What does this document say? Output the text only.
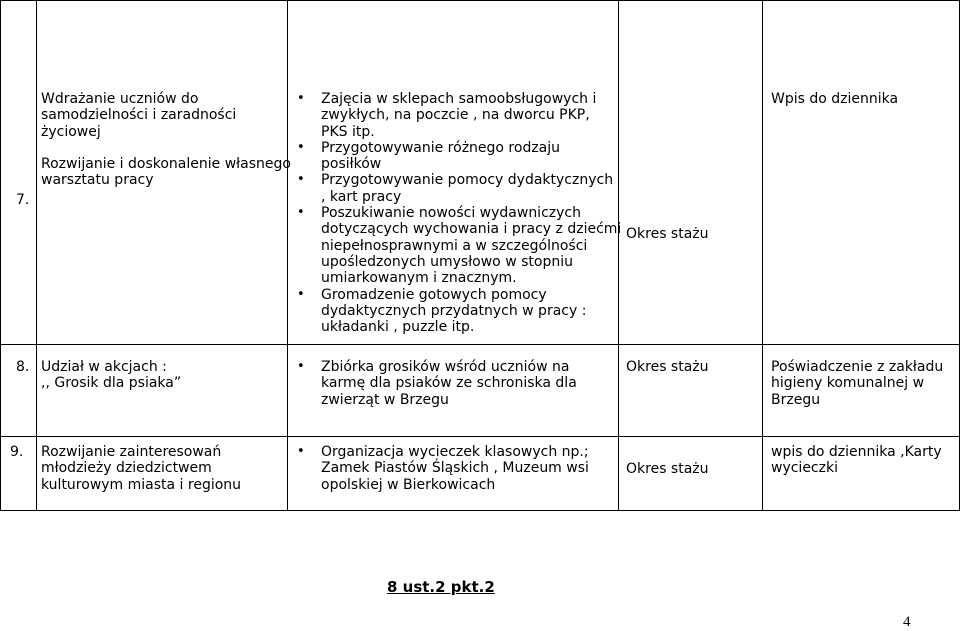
7.
Wdrażanie uczniów do
samodzielności i zaradności
życiowej
Rozwijanie i doskonalenie własnego
warsztatu pracy
• Zajęcia w sklepach samoobsługowych i
zwykłych, na poczcie , na dworcu PKP,
PKS itp.
• Przygotowywanie różnego rodzaju
posiłków
• Przygotowywanie pomocy dydaktycznych
, kart pracy
• Poszukiwanie nowości wydawniczych
dotyczących wychowania i pracy z dziećmi
niepełnosprawnymi a w szczególności
upośledzonych umysłowo w stopniu
umiarkowanym i znacznym.
• Gromadzenie gotowych pomocy
dydaktycznych przydatnych w pracy :
układanki , puzzle itp.
Okres stażu
Wpis do dziennika
8. Udział w akcjach :
,, Grosik dla psiaka”
• Zbiórka grosików wśród uczniów na
karmę dla psiaków ze schroniska dla
zwierząt w Brzegu
Okres stażu	Poświadczenie z zakładu
higieny komunalnej w
Brzegu
9. Rozwijanie zainteresowań
młodzieży dziedzictwem
kulturowym miasta i regionu
• Organizacja wycieczek klasowych np.;
Zamek Piastów Śląskich , Muzeum wsi
opolskiej w Bierkowicach
Okres stażu
wpis do dziennika ,Karty
wycieczki
8 ust.2 pkt.2
4
